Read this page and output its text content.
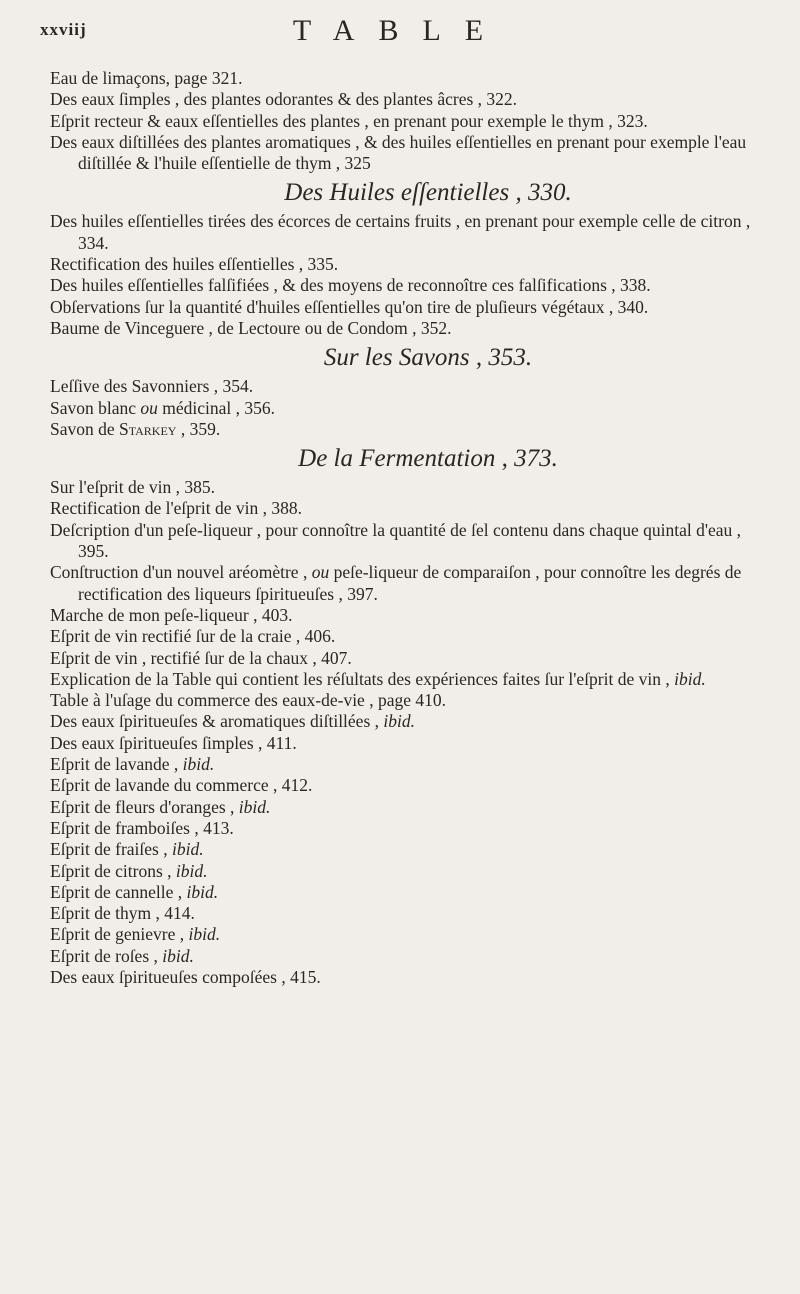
xxviij	TABLE

Eau de limaçons, page 321.

Des eaux ſimples , des plantes odorantes & des plantes âcres , 322.

Eſprit recteur & eaux eſſentielles des plantes , en prenant pour exemple le thym , 323.

Des eaux diſtillées des plantes aromatiques , & des huiles eſſentielles en prenant pour exemple l'eau diſtillée & l'huile eſſentielle de thym , 325

Des Huiles eſſentielles , 330.

Des huiles eſſentielles tirées des écorces de certains fruits , en prenant pour exemple celle de citron , 334.

Rectification des huiles eſſentielles , 335.

Des huiles eſſentielles falſifiées , & des moyens de reconnoître ces falſifications , 338.

Obſervations ſur la quantité d'huiles eſſentielles qu'on tire de pluſieurs végétaux , 340.

Baume de Vinceguere , de Lectoure ou de Condom , 352.

Sur les Savons , 353.

Leſſive des Savonniers , 354.

Savon blanc ou médicinal , 356.

Savon de Starkey , 359.

De la Fermentation , 373.

Sur l'eſprit de vin , 385.

Rectification de l'eſprit de vin , 388.

Deſcription d'un peſe-liqueur , pour connoître la quantité de ſel contenu dans chaque quintal d'eau , 395.

Conſtruction d'un nouvel aréomètre , ou peſe-liqueur de comparaiſon , pour connoître les degrés de rectification des liqueurs ſpiritueuſes , 397.

Marche de mon peſe-liqueur , 403.

Eſprit de vin rectifié ſur de la craie , 406.

Eſprit de vin , rectifié ſur de la chaux , 407.

Explication de la Table qui contient les réſultats des expériences faites ſur l'eſprit de vin , ibid.

Table à l'uſage du commerce des eaux-de-vie , page 410.

Des eaux ſpiritueuſes & aromatiques diſtillées , ibid.

Des eaux ſpiritueuſes ſimples , 411.

Eſprit de lavande , ibid.

Eſprit de lavande du commerce , 412.

Eſprit de fleurs d'oranges , ibid.

Eſprit de framboiſes , 413.

Eſprit de fraiſes , ibid.

Eſprit de citrons , ibid.

Eſprit de cannelle , ibid.

Eſprit de thym , 414.

Eſprit de genievre , ibid.

Eſprit de roſes , ibid.

Des eaux ſpiritueuſes compoſées , 415.
